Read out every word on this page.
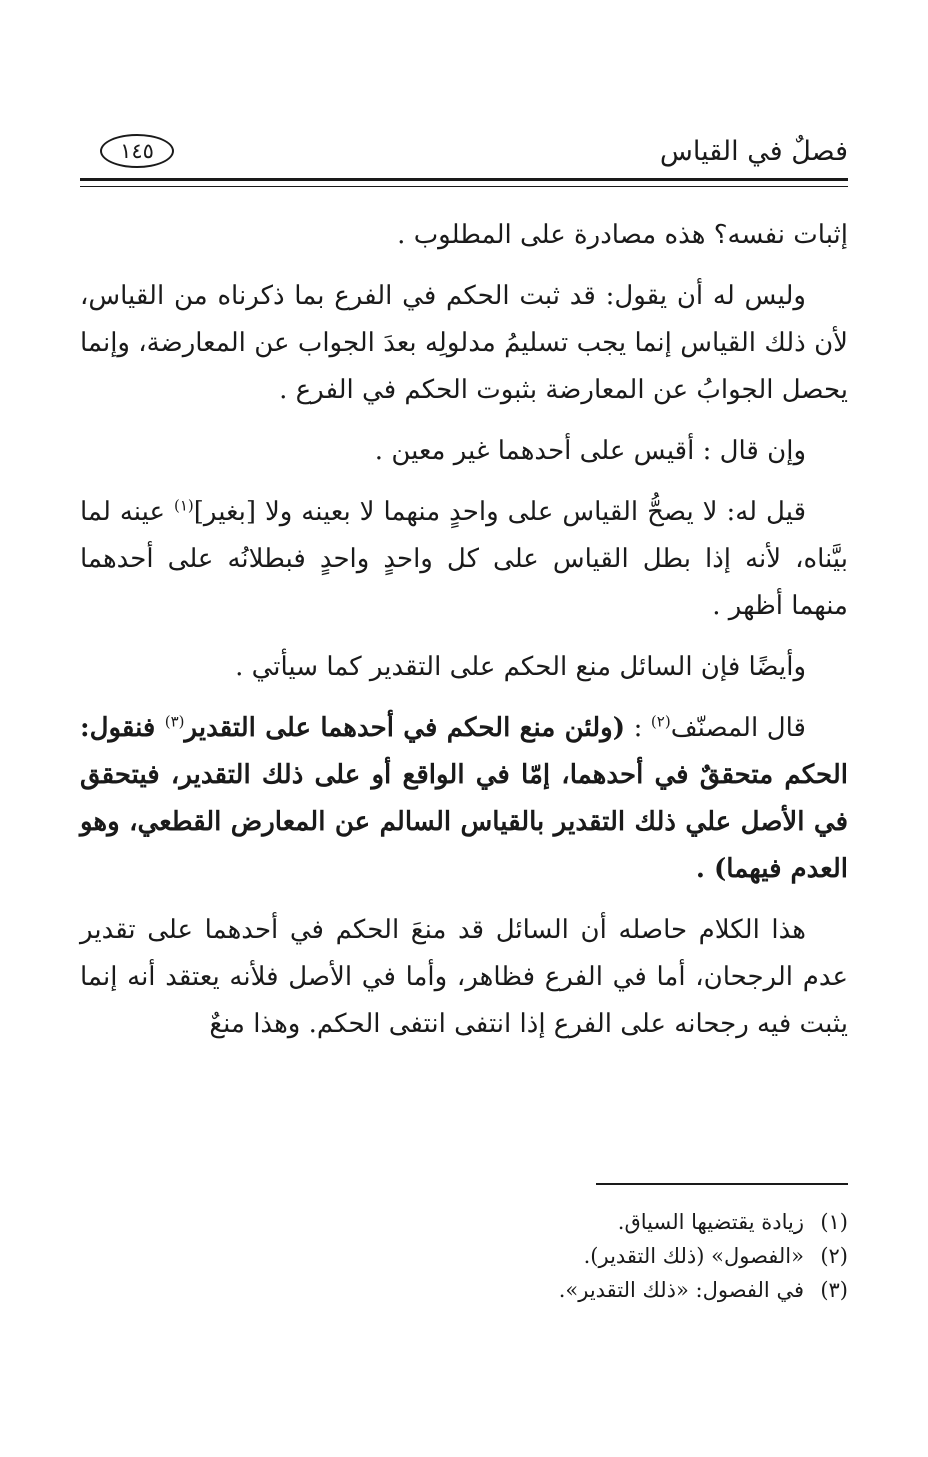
فصلٌ في القياس
١٤٥

إثبات نفسه؟ هذه مصادرة على المطلوب .

وليس له أن يقول: قد ثبت الحكم في الفرع بما ذكرناه من القياس، لأن ذلك القياس إنما يجب تسليمُ مدلولِه بعدَ الجواب عن المعارضة، وإنما يحصل الجوابُ عن المعارضة بثبوت الحكم في الفرع .

وإن قال : أقيس على أحدهما غير معين .

قيل له: لا يصحُّ القياس على واحدٍ منهما لا بعينه ولا [بغير]$^{(١)}$ عينه لما بيَّناه، لأنه إذا بطل القياس على كل واحدٍ واحدٍ فبطلانُه على أحدهما منهما أظهر .

وأيضًا فإن السائل منع الحكم على التقدير كما سيأتي .

قال المصنّف$^{(٢)}$ : (ولئن منع الحكم في أحدهما على التقدير$^{(٣)}$ فنقول: الحكم متحققٌ في أحدهما، إمّا في الواقع أو على ذلك التقدير، فيتحقق في الأصل علي ذلك التقدير بالقياس السالم عن المعارض القطعي، وهو العدم فيهما) .

هذا الكلام حاصله أن السائل قد منعَ الحكم في أحدهما على تقدير عدم الرجحان، أما في الفرع فظاهر، وأما في الأصل فلأنه يعتقد أنه إنما يثبت فيه رجحانه على الفرع إذا انتفى انتفى الحكم. وهذا منعٌ

(١)زيادة يقتضيها السياق.

(٢)«الفصول» (ذلك التقدير).

(٣)في الفصول: «ذلك التقدير».
